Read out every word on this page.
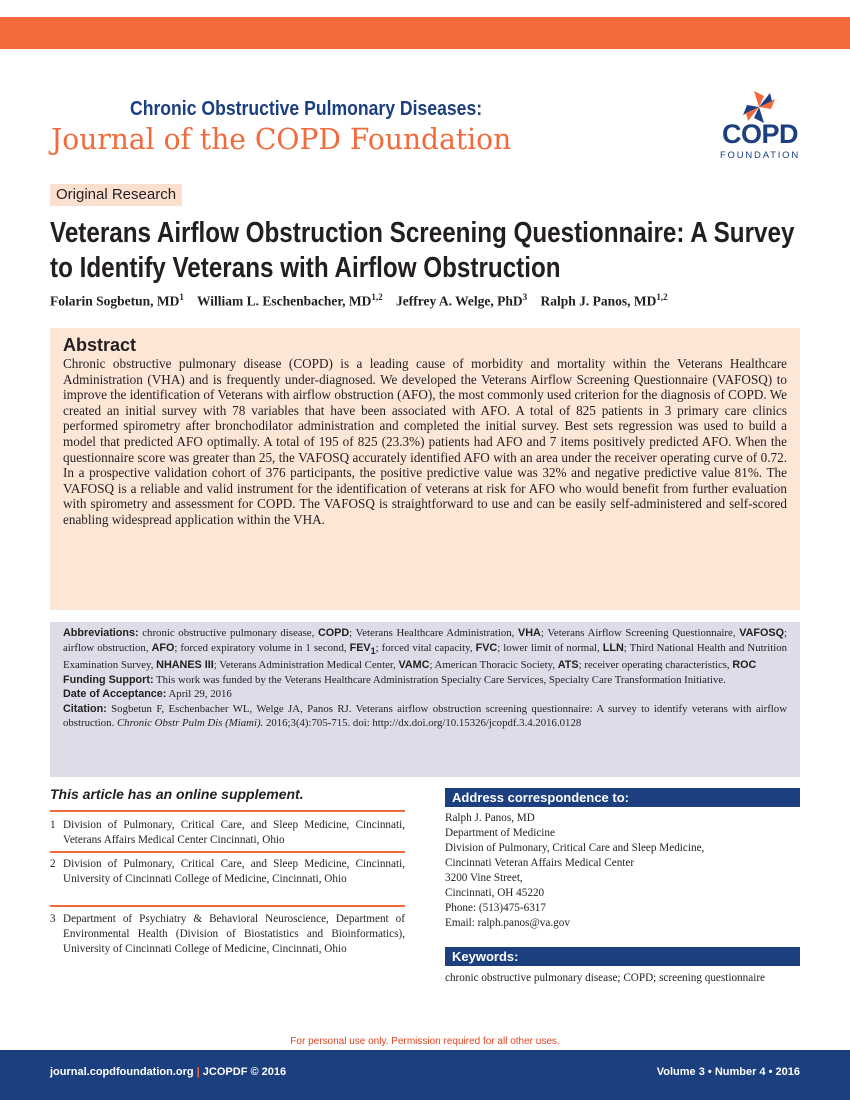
705
Chronic Obstructive Pulmonary Diseases:
Journal of the COPD Foundation	COPD
FOUNDATION
Original Research
Veterans Airflow Obstruction Screening Questionnaire: A Survey
to Identify Veterans with Airflow Obstruction
Folarin Sogbetun, $MD^1$ William L. Eschenbacher, MD$^{1,2}$ Jeffrey A. Welge, PhD$^3$ Ralph J. Panos, MD$^{1,2}$
Abstract

Chronic obstructive pulmonary disease (COPD) is a leading cause of morbidity and mortality within the Veterans Healthcare Administration (VHA) and is frequently under-diagnosed. We developed the Veterans Airflow Screening Questionnaire (VAFOSQ) to improve the identification of Veterans with airflow obstruction (AFO), the most commonly used criterion for the diagnosis of COPD. We created an initial survey with 78 variables that have been associated with AFO. A total of 825 patients in 3 primary care clinics performed spirometry after bronchodilator administration and completed the initial survey. Best sets regression was used to build a model that predicted AFO optimally. A total of 195 of 825 (23.3%) patients had AFO and 7 items positively predicted AFO. When the questionnaire score was greater than 25, the VAFOSQ accurately identified AFO with an area under the receiver operating curve of 0.72. In a prospective validation cohort of 376 participants, the positive predictive value was 32% and negative predictive value 81%. The VAFOSQ is a reliable and valid instrument for the identification of veterans at risk for AFO who would benefit from further evaluation with spirometry and assessment for COPD. The VAFOSQ is straightforward to use and can be easily self-administered and self-scored enabling widespread application within the VHA.

Abbreviations: chronic obstructive pulmonary disease, COPD; Veterans Healthcare Administration, VHA; Veterans Airflow Screening Questionnaire, VAFOSQ; airflow obstruction, AFO; forced expiratory volume in 1 second, $FEV_1$; forced vital capacity, FVC; lower limit of normal, LLN; Third National Health and Nutrition Examination Survey, NHANES III; Veterans Administration Medical Center, VAMC; American Thoracic Society, ATS; receiver operating characteristics, ROC

Funding Support: This work was funded by the Veterans Healthcare Administration Specialty Care Services, Specialty Care Transformation Initiative.

Date of Acceptance: April 29, 2016

Citation: Sogbetun F, Eschenbacher WL, Welge JA, Panos RJ. Veterans airflow obstruction screening questionnaire: A survey to identify veterans with airflow obstruction. Chronic Obstr Pulm Dis (Miami). 2016;3(4):705-715. doi: http://dx.doi.org/10.15326/jcopdf.3.4.2016.0128

This article has an online supplement.
1 Division of Pulmonary, Critical Care, and Sleep Medicine, Cincinnati, Veterans Affairs Medical Center Cincinnati, Ohio
2 Division of Pulmonary, Critical Care, and Sleep Medicine, Cincinnati, University of Cincinnati College of Medicine, Cincinnati, Ohio
3 Department of Psychiatry & Behavioral Neuroscience, Department of Environmental Health (Division of Biostatistics and Bioinformatics), University of Cincinnati College of Medicine, Cincinnati, Ohio
Address correspondence to:
Ralph J. Panos, MD
Department of Medicine
Division of Pulmonary, Critical Care and Sleep Medicine,
Cincinnati Veteran Affairs Medical Center
3200 Vine Street,
Cincinnati, OH 45220
Phone: (513)475-6317
Email: ralph.panos@va.gov
Keywords:
chronic obstructive pulmonary disease; COPD; screening questionnaire
For personal use only. Permission required for all other uses.
journal.copdfoundation.org | JCOPDF © 2016	Volume 3 • Number 4 • 2016
